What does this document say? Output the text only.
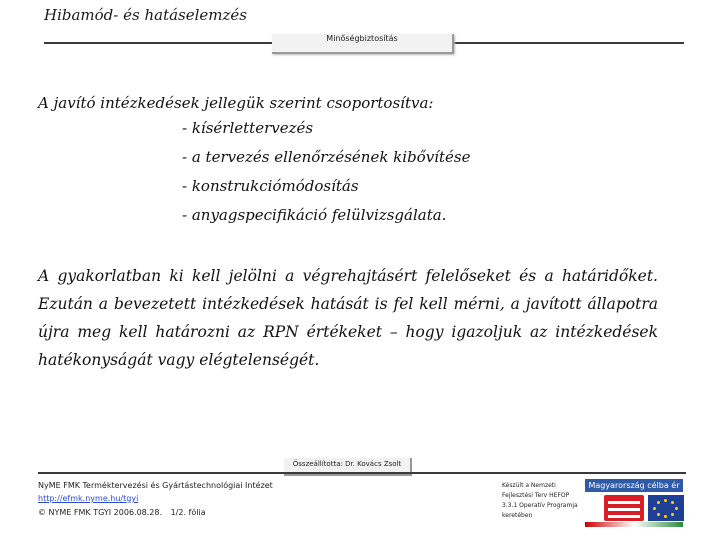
Hibamód- és hatáselemzés
Minőségbiztosítás
A javító intézkedések jellegük szerint csoportosítva:
- kísérlettervezés
- a tervezés ellenőrzésének kibővítése
- konstrukciómódosítás
- anyagspecifikáció felülvizsgálata.
A gyakorlatban ki kell jelölni a végrehajtásért felelőseket és a határidőket. Ezután a bevezetett intézkedések hatását is fel kell mérni, a javított állapotra újra meg kell határozni az RPN értékeket – hogy igazoljuk az intézkedések hatékonyságát vagy elégtelenségét.
Összeállította: Dr. Kovács Zsolt
NyME FMK Terméktervezési és Gyártástechnológiai Intézet
http://efmk.nyme.hu/tgyi
© NYME FMK TGYI 2006.08.28. 1/2. fólia
Készült a Nemzeti Fejlesztési Terv HEFOP 3.3.1 Operatív Programja keretében
Magyarország célba ér
